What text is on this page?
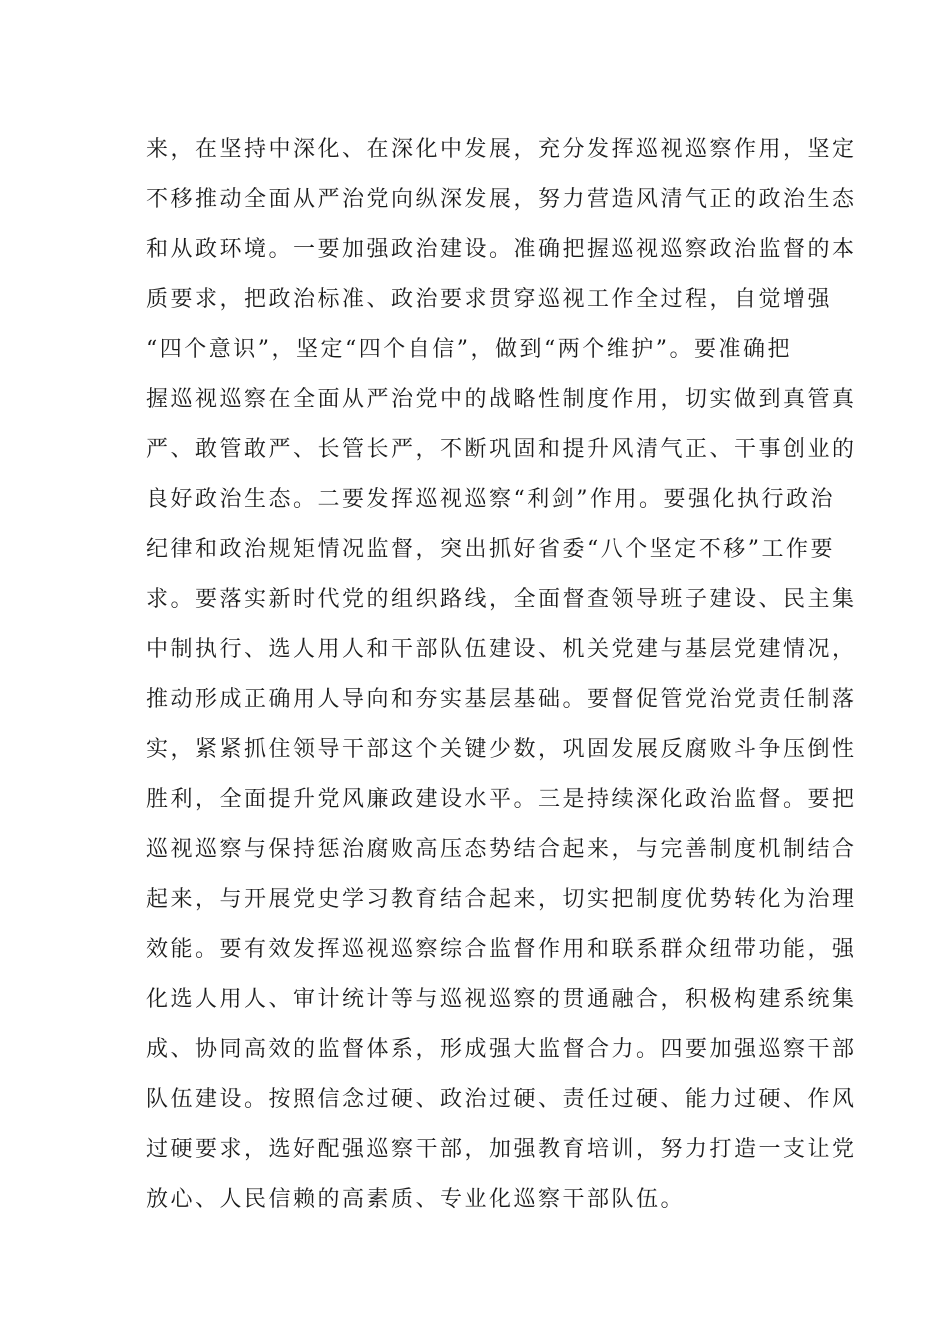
来，在坚持中深化、在深化中发展，充分发挥巡视巡察作用，坚定
不移推动全面从严治党向纵深发展，努力营造风清气正的政治生态
和从政环境。一要加强政治建设。准确把握巡视巡察政治监督的本
质要求，把政治标准、政治要求贯穿巡视工作全过程，自觉增强
“四个意识”，坚定“四个自信”，做到“两个维护”。要准确把
握巡视巡察在全面从严治党中的战略性制度作用，切实做到真管真
严、敢管敢严、长管长严，不断巩固和提升风清气正、干事创业的
良好政治生态。二要发挥巡视巡察“利剑”作用。要强化执行政治
纪律和政治规矩情况监督，突出抓好省委“八个坚定不移”工作要
求。要落实新时代党的组织路线，全面督查领导班子建设、民主集
中制执行、选人用人和干部队伍建设、机关党建与基层党建情况，
推动形成正确用人导向和夯实基层基础。要督促管党治党责任制落
实，紧紧抓住领导干部这个关键少数，巩固发展反腐败斗争压倒性
胜利，全面提升党风廉政建设水平。三是持续深化政治监督。要把
巡视巡察与保持惩治腐败高压态势结合起来，与完善制度机制结合
起来，与开展党史学习教育结合起来，切实把制度优势转化为治理
效能。要有效发挥巡视巡察综合监督作用和联系群众纽带功能，强
化选人用人、审计统计等与巡视巡察的贯通融合，积极构建系统集
成、协同高效的监督体系，形成强大监督合力。四要加强巡察干部
队伍建设。按照信念过硬、政治过硬、责任过硬、能力过硬、作风
过硬要求，选好配强巡察干部，加强教育培训，努力打造一支让党
放心、人民信赖的高素质、专业化巡察干部队伍。
